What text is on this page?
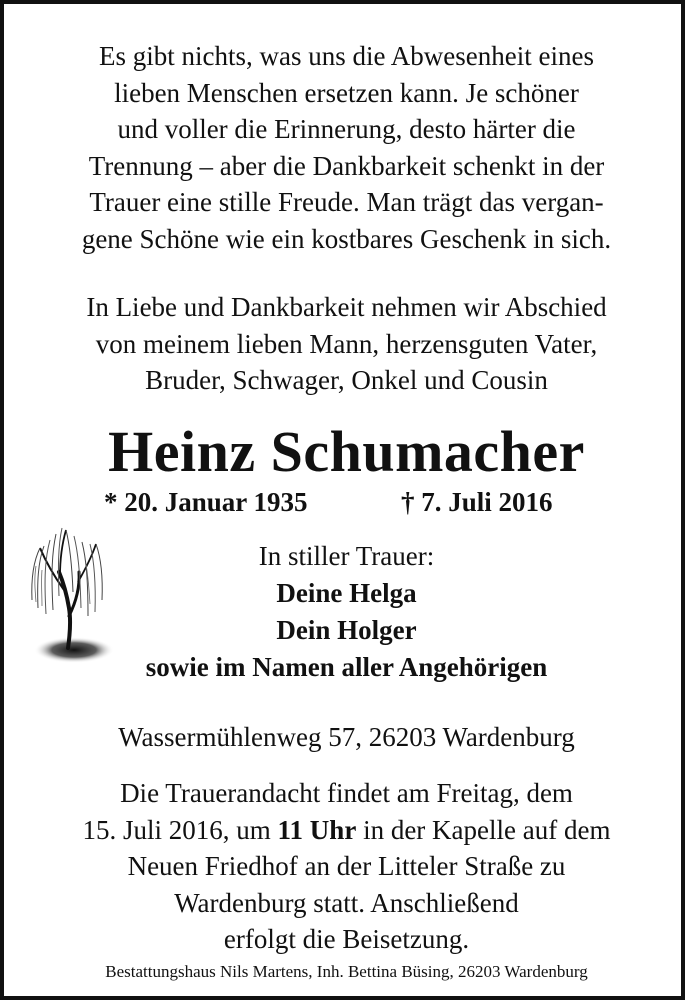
Es gibt nichts, was uns die Abwesenheit eines
lieben Menschen ersetzen kann. Je schöner
und voller die Erinnerung, desto härter die
Trennung – aber die Dankbarkeit schenkt in der
Trauer eine stille Freude. Man trägt das vergan-
gene Schöne wie ein kostbares Geschenk in sich.
In Liebe und Dankbarkeit nehmen wir Abschied
von meinem lieben Mann, herzensguten Vater,
Bruder, Schwager, Onkel und Cousin
Heinz Schumacher
* 20. Januar 1935	† 7. Juli 2016
In stiller Trauer:
Deine Helga
Dein Holger
sowie im Namen aller Angehörigen
Wassermühlenweg 57, 26203 Wardenburg
Die Trauerandacht findet am Freitag, dem
15. Juli 2016, um 11 Uhr in der Kapelle auf dem
Neuen Friedhof an der Litteler Straße zu
Wardenburg statt. Anschließend
erfolgt die Beisetzung.
Bestattungshaus Nils Martens, Inh. Bettina Büsing, 26203 Wardenburg
